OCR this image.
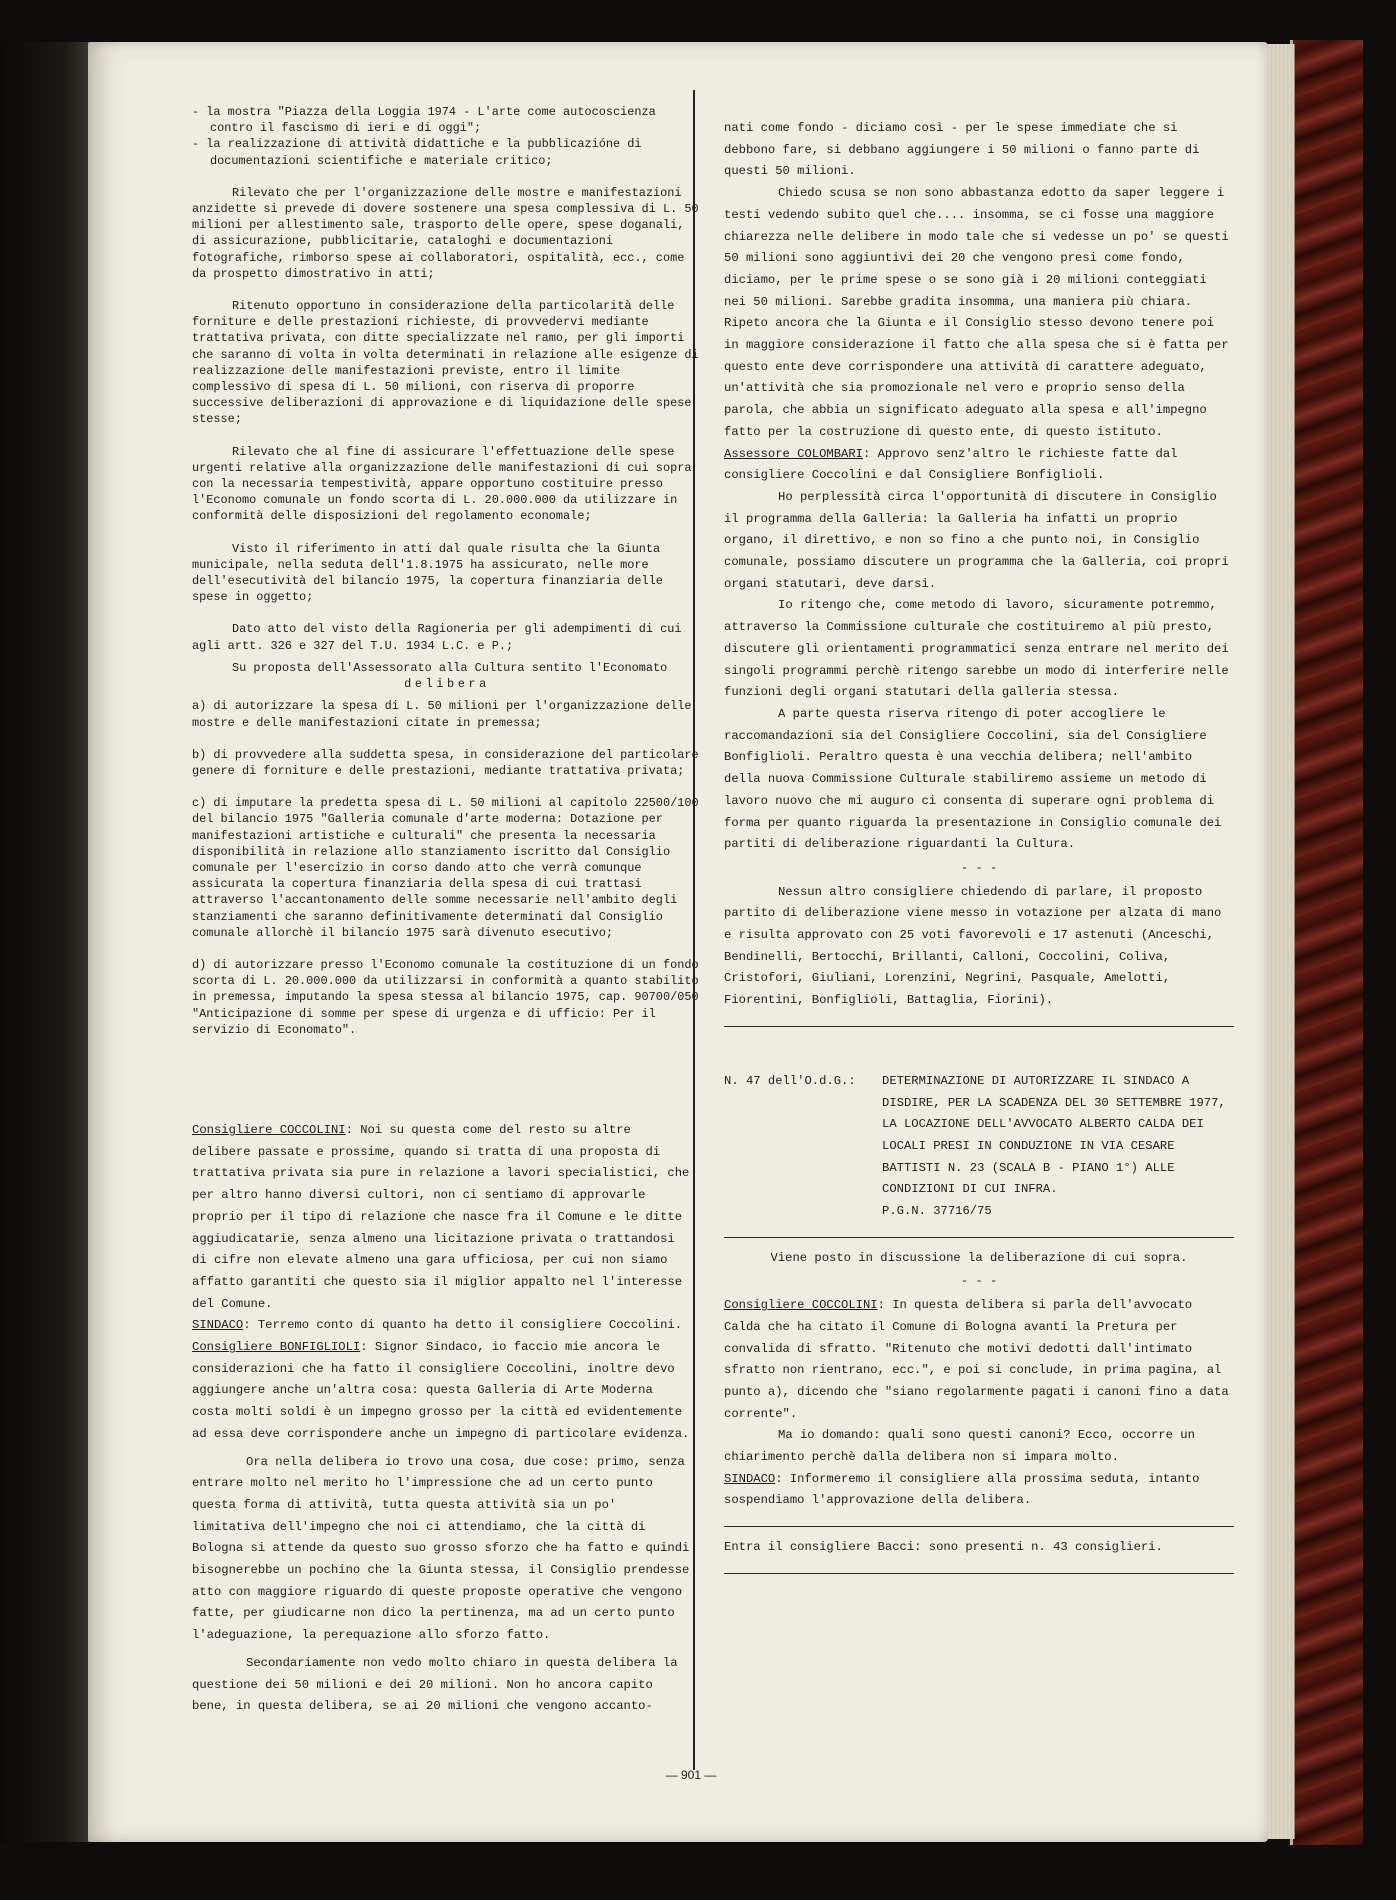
- la mostra "Piazza della Loggia 1974 - L'arte come autocoscienza contro il fascismo di ieri e di oggi";

- la realizzazione di attività didattiche e la pubblicazióne di documentazioni scientifiche e materiale critico;

Rilevato che per l'organizzazione delle mostre e manifestazioni anzidette si prevede di dovere sostenere una spesa complessiva di L. 50 milioni per allestimento sale, trasporto delle opere, spese doganali, di assicurazione, pubblicitarie, cataloghi e documentazioni fotografiche, rimborso spese ai collaboratori, ospitalità, ecc., come da prospetto dimostrativo in atti;

Ritenuto opportuno in considerazione della particolarità delle forniture e delle prestazioni richieste, di provvedervi mediante trattativa privata, con ditte specializzate nel ramo, per gli importi che saranno di volta in volta determinati in relazione alle esigenze di realizzazione delle manifestazioni previste, entro il limite complessivo di spesa di L. 50 milioni, con riserva di proporre successive deliberazioni di approvazione e di liquidazione delle spese stesse;

Rilevato che al fine di assicurare l'effettuazione delle spese urgenti relative alla organizzazione delle manifestazioni di cui sopra con la necessaria tempestività, appare opportuno costituire presso l'Economo comunale un fondo scorta di L. 20.000.000 da utilizzare in conformità delle disposizioni del regolamento economale;

Visto il riferimento in atti dal quale risulta che la Giunta municipale, nella seduta dell'1.8.1975 ha assicurato, nelle more dell'esecutività del bilancio 1975, la copertura finanziaria delle spese in oggetto;

Dato atto del visto della Ragioneria per gli adempimenti di cui agli artt. 326 e 327 del T.U. 1934 L.C. e P.;

Su proposta dell'Assessorato alla Cultura sentito l'Economato

delibera

a) di autorizzare la spesa di L. 50 milioni per l'organizzazione delle mostre e delle manifestazioni citate in premessa;

b) di provvedere alla suddetta spesa, in considerazione del particolare genere di forniture e delle prestazioni, mediante trattativa privata;

c) di imputare la predetta spesa di L. 50 milioni al capitolo 22500/100 del bilancio 1975 "Galleria comunale d'arte moderna: Dotazione per manifestazioni artistiche e culturali" che presenta la necessaria disponibilità in relazione allo stanziamento iscritto dal Consiglio comunale per l'esercizio in corso dando atto che verrà comunque assicurata la copertura finanziaria della spesa di cui trattasi attraverso l'accantonamento delle somme necessarie nell'ambito degli stanziamenti che saranno definitivamente determinati dal Consiglio comunale allorchè il bilancio 1975 sarà divenuto esecutivo;

d) di autorizzare presso l'Economo comunale la costituzione di un fondo scorta di L. 20.000.000 da utilizzarsi in conformità a quanto stabilito in premessa, imputando la spesa stessa al bilancio 1975, cap. 90700/050 "Anticipazione di somme per spese di urgenza e di ufficio: Per il servizio di Economato".

Consigliere COCCOLINI: Noi su questa come del resto su altre delibere passate e prossime, quando si tratta di una proposta di trattativa privata sia pure in relazione a lavori specialistici, che per altro hanno diversi cultori, non ci sentiamo di approvarle proprio per il tipo di relazione che nasce fra il Comune e le ditte aggiudicatarie, senza almeno una licitazione privata o trattandosi di cifre non elevate almeno una gara ufficiosa, per cui non siamo affatto garantiti che questo sia il miglior appalto nel l'interesse del Comune.

SINDACO: Terremo conto di quanto ha detto il consigliere Coccolini.

Consigliere BONFIGLIOLI: Signor Sindaco, io faccio mie ancora le considerazioni che ha fatto il consigliere Coccolini, inoltre devo aggiungere anche un'altra cosa: questa Galleria di Arte Moderna costa molti soldi è un impegno grosso per la città ed evidentemente ad essa deve corrispondere anche un impegno di particolare evidenza.

Ora nella delibera io trovo una cosa, due cose: primo, senza entrare molto nel merito ho l'impressione che ad un certo punto questa forma di attività, tutta questa attività sia un po' limitativa dell'impegno che noi ci attendiamo, che la città di Bologna si attende da questo suo grosso sforzo che ha fatto e quindi bisognerebbe un pochino che la Giunta stessa, il Consiglio prendesse atto con maggiore riguardo di queste proposte operative che vengono fatte, per giudicarne non dico la pertinenza, ma ad un certo punto l'adeguazione, la perequazione allo sforzo fatto.

Secondariamente non vedo molto chiaro in questa delibera la questione dei 50 milioni e dei 20 milioni. Non ho ancora capito bene, in questa delibera, se ai 20 milioni che vengono accanto-

nati come fondo - diciamo così - per le spese immediate che si debbono fare, si debbano aggiungere i 50 milioni o fanno parte di questi 50 milioni.

Chiedo scusa se non sono abbastanza edotto da saper leggere i testi vedendo subito quel che.... insomma, se ci fosse una maggiore chiarezza nelle delibere in modo tale che si vedesse un po' se questi 50 milioni sono aggiuntivi dei 20 che vengono presi come fondo, diciamo, per le prime spese o se sono già i 20 milioni conteggiati nei 50 milioni. Sarebbe gradita insomma, una maniera più chiara. Ripeto ancora che la Giunta e il Consiglio stesso devono tenere poi in maggiore considerazione il fatto che alla spesa che si è fatta per questo ente deve corrispondere una attività di carattere adeguato, un'attività che sia promozionale nel vero e proprio senso della parola, che abbia un significato adeguato alla spesa e all'impegno fatto per la costruzione di questo ente, di questo istituto.

Assessore COLOMBARI: Approvo senz'altro le richieste fatte dal consigliere Coccolini e dal Consigliere Bonfiglioli.

Ho perplessità circa l'opportunità di discutere in Consiglio il programma della Galleria: la Galleria ha infatti un proprio organo, il direttivo, e non so fino a che punto noi, in Consiglio comunale, possiamo discutere un programma che la Galleria, coi propri organi statutari, deve darsi.

Io ritengo che, come metodo di lavoro, sicuramente potremmo, attraverso la Commissione culturale che costituiremo al più presto, discutere gli orientamenti programmatici senza entrare nel merito dei singoli programmi perchè ritengo sarebbe un modo di interferire nelle funzioni degli organi statutari della galleria stessa.

A parte questa riserva ritengo di poter accogliere le raccomandazioni sia del Consigliere Coccolini, sia del Consigliere Bonfiglioli. Peraltro questa è una vecchia delibera; nell'ambito della nuova Commissione Culturale stabiliremo assieme un metodo di lavoro nuovo che mi auguro ci consenta di superare ogni problema di forma per quanto riguarda la presentazione in Consiglio comunale dei partiti di deliberazione riguardanti la Cultura.

- - -

Nessun altro consigliere chiedendo di parlare, il proposto partito di deliberazione viene messo in votazione per alzata di mano e risulta approvato con 25 voti favorevoli e 17 astenuti (Anceschi, Bendinelli, Bertocchi, Brillanti, Calloni, Coccolini, Coliva, Cristofori, Giuliani, Lorenzini, Negrini, Pasquale, Amelotti, Fiorentini, Bonfiglioli, Battaglia, Fiorini).

N. 47 dell'O.d.G.:	DETERMINAZIONE DI AUTORIZZARE IL SINDACO A DISDIRE, PER LA SCADENZA DEL 30 SETTEMBRE 1977, LA LOCAZIONE DELL'AVVOCATO ALBERTO CALDA DEI LOCALI PRESI IN CONDUZIONE IN VIA CESARE BATTISTI N. 23 (SCALA B - PIANO 1°) ALLE CONDIZIONI DI CUI INFRA.

P.G.N. 37716/75

Viene posto in discussione la deliberazione di cui sopra.

- - -

Consigliere COCCOLINI: In questa delibera si parla dell'avvocato Calda che ha citato il Comune di Bologna avanti la Pretura per convalida di sfratto. "Ritenuto che motivi dedotti dall'intimato sfratto non rientrano, ecc.", e poi si conclude, in prima pagina, al punto a), dicendo che "siano regolarmente pagati i canoni fino a data corrente".

Ma io domando: quali sono questi canoni? Ecco, occorre un chiarimento perchè dalla delibera non si impara molto.

SINDACO: Informeremo il consigliere alla prossima seduta, intanto sospendiamo l'approvazione della delibera.

Entra il consigliere Bacci: sono presenti n. 43 consiglieri.

— 901 —
